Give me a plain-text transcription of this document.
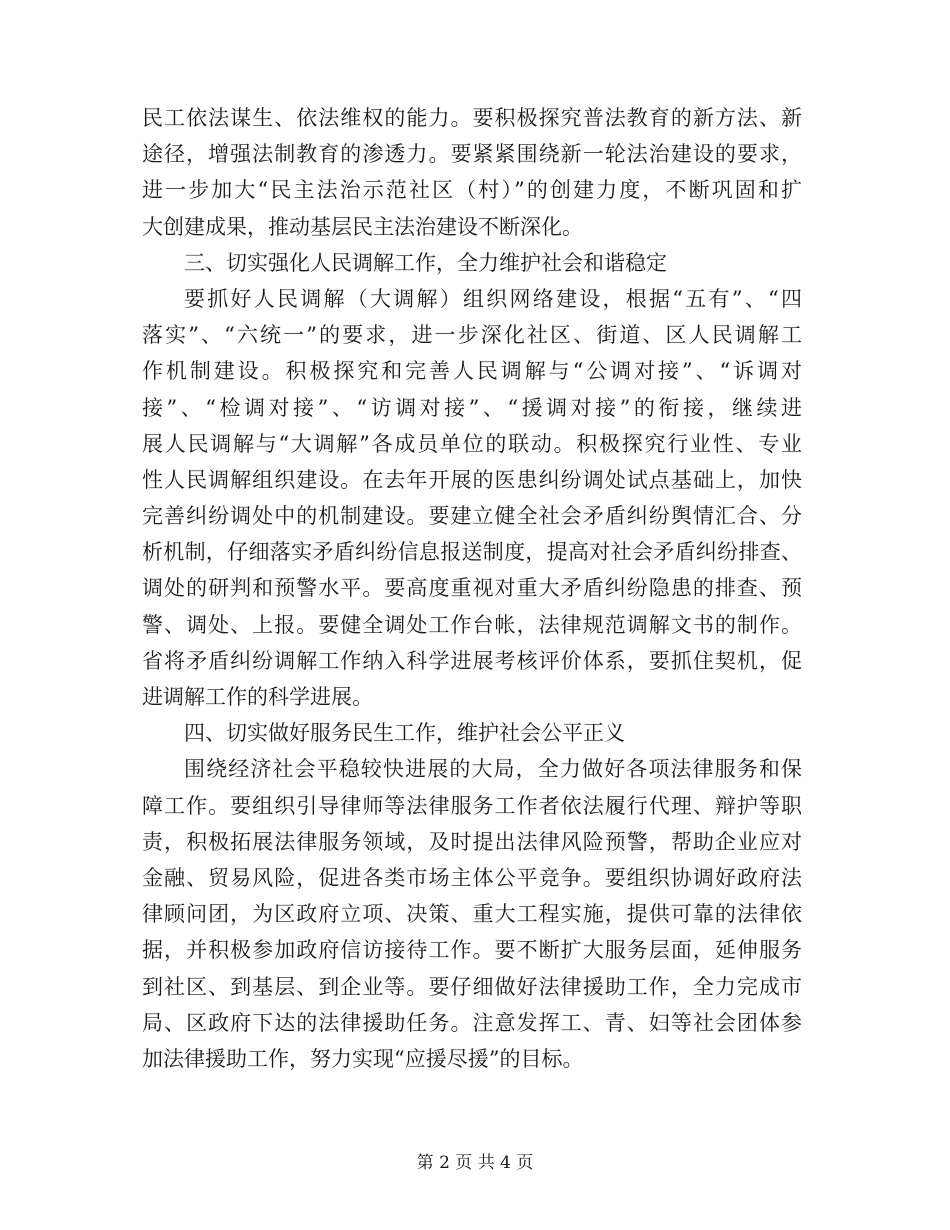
民工依法谋生、依法维权的能力。要积极探究普法教育的新方法、新
途径，增强法制教育的渗透力。要紧紧围绕新一轮法治建设的要求，
进一步加大“民主法治示范社区（村）”的创建力度，不断巩固和扩
大创建成果，推动基层民主法治建设不断深化。
三、切实强化人民调解工作，全力维护社会和谐稳定
要抓好人民调解（大调解）组织网络建设，根据“五有”、“四
落实”、“六统一”的要求，进一步深化社区、街道、区人民调解工
作机制建设。积极探究和完善人民调解与“公调对接”、“诉调对
接”、“检调对接”、“访调对接”、“援调对接”的衔接，继续进
展人民调解与“大调解”各成员单位的联动。积极探究行业性、专业
性人民调解组织建设。在去年开展的医患纠纷调处试点基础上，加快
完善纠纷调处中的机制建设。要建立健全社会矛盾纠纷舆情汇合、分
析机制，仔细落实矛盾纠纷信息报送制度，提高对社会矛盾纠纷排查、
调处的研判和预警水平。要高度重视对重大矛盾纠纷隐患的排查、预
警、调处、上报。要健全调处工作台帐，法律规范调解文书的制作。
省将矛盾纠纷调解工作纳入科学进展考核评价体系，要抓住契机，促
进调解工作的科学进展。
四、切实做好服务民生工作，维护社会公平正义
围绕经济社会平稳较快进展的大局，全力做好各项法律服务和保
障工作。要组织引导律师等法律服务工作者依法履行代理、辩护等职
责，积极拓展法律服务领域，及时提出法律风险预警，帮助企业应对
金融、贸易风险，促进各类市场主体公平竞争。要组织协调好政府法
律顾问团，为区政府立项、决策、重大工程实施，提供可靠的法律依
据，并积极参加政府信访接待工作。要不断扩大服务层面，延伸服务
到社区、到基层、到企业等。要仔细做好法律援助工作，全力完成市
局、区政府下达的法律援助任务。注意发挥工、青、妇等社会团体参
加法律援助工作，努力实现“应援尽援”的目标。
第 2 页 共 4 页
